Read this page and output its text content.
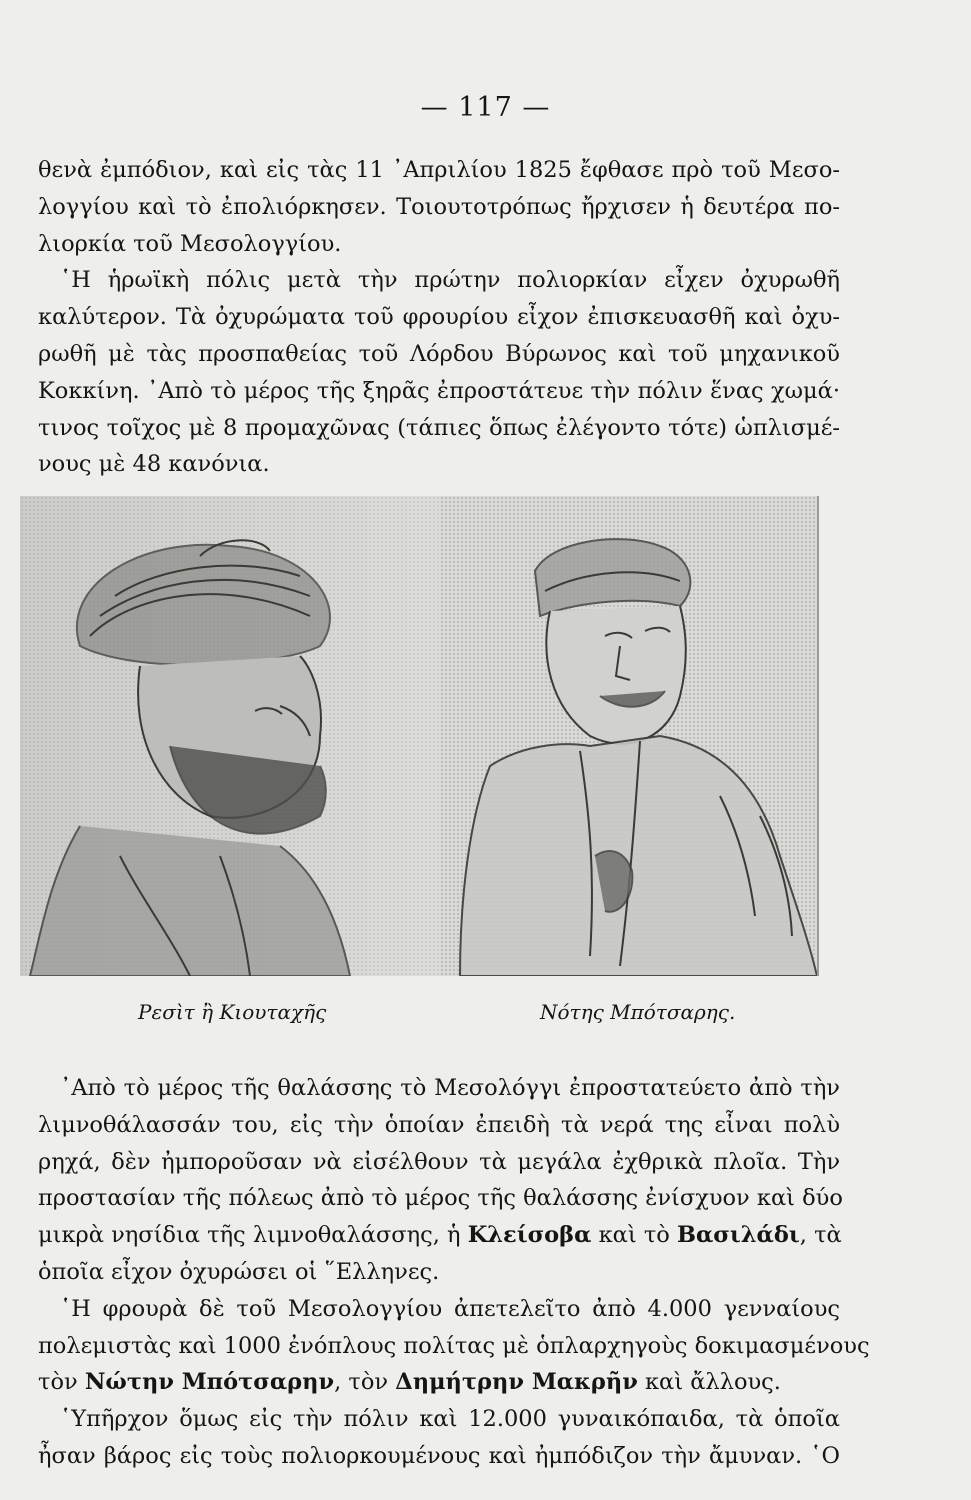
— 117 —
θενὰ ἐμπόδιον, καὶ εἰς τὰς 11 ᾿Απριλίου 1825 ἔφθασε πρὸ τοῦ Μεσο-
λογγίου καὶ τὸ ἐπολιόρκησεν. Τοιουτοτρόπως ἤρχισεν ἡ δευτέρα πο-
λιορκία τοῦ Μεσολογγίου.
῾Η ἡρωϊκὴ πόλις μετὰ τὴν πρώτην πολιορκίαν εἶχεν ὀχυρωθῆ
καλύτερον. Τὰ ὀχυρώματα τοῦ φρουρίου εἶχον ἐπισκευασθῆ καὶ ὀχυ-
ρωθῆ μὲ τὰς προσπαθείας τοῦ Λόρδου Βύρωνος καὶ τοῦ μηχανικοῦ
Κοκκίνη. ᾿Απὸ τὸ μέρος τῆς ξηρᾶς ἐπροστάτευε τὴν πόλιν ἕνας χωμά·
τινος τοῖχος μὲ 8 προμαχῶνας (τάπιες ὅπως ἐλέγοντο τότε) ὡπλισμέ-
νους μὲ 48 κανόνια.
Ρεσὶτ ἢ Κιουταχῆς	Νότης Μπότσαρης.
᾿Απὸ τὸ μέρος τῆς θαλάσσης τὸ Μεσολόγγι ἐπροστατεύετο ἀπὸ τὴν
λιμνοθάλασσάν του, εἰς τὴν ὁποίαν ἐπειδὴ τὰ νερά της εἶναι πολὺ
ρηχά, δὲν ἠμποροῦσαν νὰ εἰσέλθουν τὰ μεγάλα ἐχθρικὰ πλοῖα. Τὴν
προστασίαν τῆς πόλεως ἀπὸ τὸ μέρος τῆς θαλάσσης ἐνίσχυον καὶ δύο
μικρὰ νησίδια τῆς λιμνοθαλάσσης, ἡ Κλείσοβα καὶ τὸ Βασιλάδι, τὰ
ὁποῖα εἶχον ὀχυρώσει οἱ ῞Ελληνες.
῾Η φρουρὰ δὲ τοῦ Μεσολογγίου ἀπετελεῖτο ἀπὸ 4.000 γενναίους
πολεμιστὰς καὶ 1000 ἐνόπλους πολίτας μὲ ὁπλαρχηγοὺς δοκιμασμένους
τὸν Νώτην Μπότσαρην, τὸν Δημήτρην Μακρῆν καὶ ἄλλους.
῾Υπῆρχον ὅμως εἰς τὴν πόλιν καὶ 12.000 γυναικόπαιδα, τὰ ὁποῖα
ἦσαν βάρος εἰς τοὺς πολιορκουμένους καὶ ἠμπόδιζον τὴν ἄμυναν. ῾Ο
